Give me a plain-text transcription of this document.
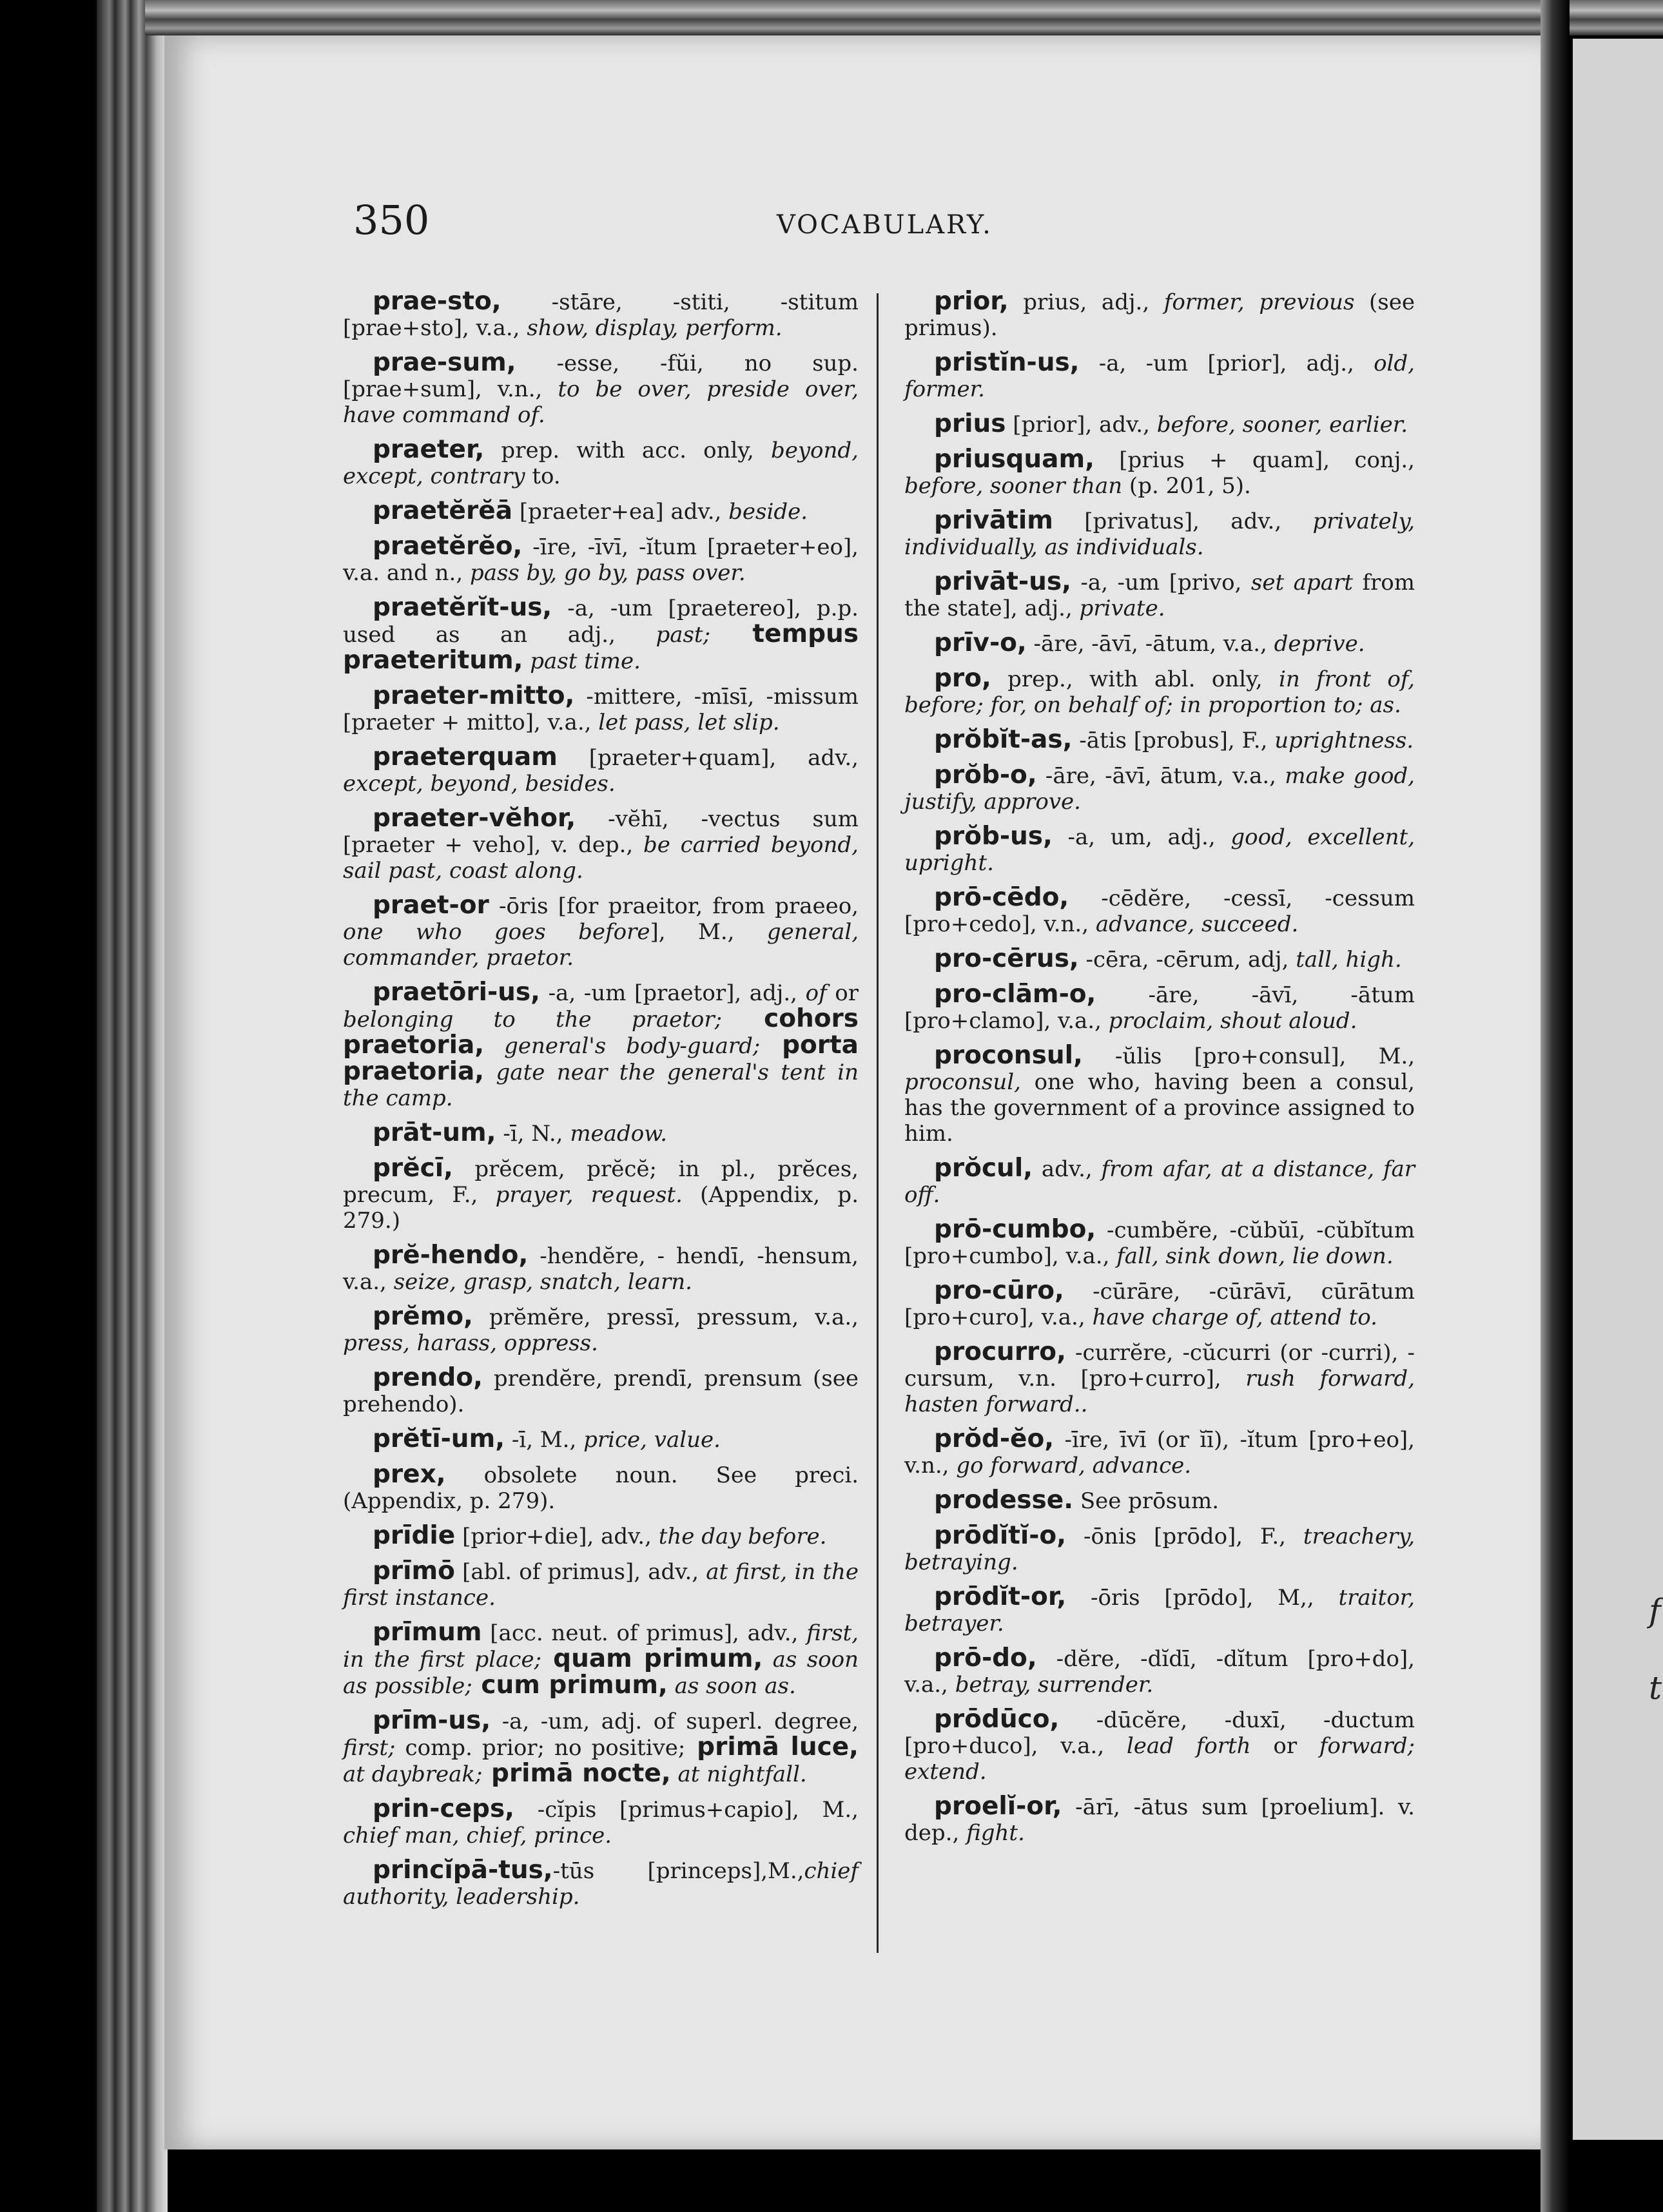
f
t
350	VOCABULARY.
prae-sto, -stāre, -stiti, -stitum [prae+sto], v.a., show, display, perform.
prae-sum, -esse, -fŭi, no sup. [prae+sum], v.n., to be over, preside over, have command of.
praeter, prep. with acc. only, beyond, except, contrary to.
praetĕrĕā [praeter+ea] adv., beside.
praetĕrĕo, -īre, -īvī, -ĭtum [praeter+eo], v.a. and n., pass by, go by, pass over.
praetĕrĭt-us, -a, -um [praetereo], p.p. used as an adj., past; tempus praeteritum, past time.
praeter-mitto, -mittere, -mīsī, -missum [praeter + mitto], v.a., let pass, let slip.
praeterquam [praeter+quam], adv., except, beyond, besides.
praeter-vĕhor, -vĕhī, -vectus sum [praeter + veho], v. dep., be carried beyond, sail past, coast along.
praet-or -ōris [for praeitor, from praeeo, one who goes before], M., general, commander, praetor.
praetōri-us, -a, -um [praetor], adj., of or belonging to the praetor; cohors praetoria, general's body-guard; porta praetoria, gate near the general's tent in the camp.
prāt-um, -ī, N., meadow.
prĕcī, prĕcem, prĕcĕ; in pl., prĕces, precum, F., prayer, request. (Appendix, p. 279.)
prĕ-hendo, -hendĕre, - hendī, -hensum, v.a., seize, grasp, snatch, learn.
prĕmo, prĕmĕre, pressī, pressum, v.a., press, harass, oppress.
prendo, prendĕre, prendī, prensum (see prehendo).
prĕtī-um, -ī, M., price, value.
prex, obsolete noun. See preci. (Appendix, p. 279).
prīdie [prior+die], adv., the day before.
prīmō [abl. of primus], adv., at first, in the first instance.
prīmum [acc. neut. of primus], adv., first, in the first place; quam primum, as soon as possible; cum primum, as soon as.
prīm-us, -a, -um, adj. of superl. degree, first; comp. prior; no positive; primā luce, at daybreak; primā nocte, at nightfall.
prin-ceps, -cĭpis [primus+capio], M., chief man, chief, prince.
princĭpā-tus,-tūs [princeps],M.,chief authority, leadership.
prior, prius, adj., former, previous (see primus).
pristĭn-us, -a, -um [prior], adj., old, former.
prius [prior], adv., before, sooner, earlier.
priusquam, [prius + quam], conj., before, sooner than (p. 201, 5).
privātim [privatus], adv., privately, individually, as individuals.
privāt-us, -a, -um [privo, set apart from the state], adj., private.
prīv-o, -āre, -āvī, -ātum, v.a., deprive.
pro, prep., with abl. only, in front of, before; for, on behalf of; in proportion to; as.
prŏbĭt-as, -ātis [probus], F., uprightness.
prŏb-o, -āre, -āvī, ātum, v.a., make good, justify, approve.
prŏb-us, -a, um, adj., good, excellent, upright.
prō-cēdo, -cēdĕre, -cessī, -cessum [pro+cedo], v.n., advance, succeed.
pro-cērus, -cēra, -cērum, adj, tall, high.
pro-clām-o, -āre, -āvī, -ātum [pro+clamo], v.a., proclaim, shout aloud.
proconsul, -ŭlis [pro+consul], M., proconsul, one who, having been a consul, has the government of a province assigned to him.
prŏcul, adv., from afar, at a distance, far off.
prō-cumbo, -cumbĕre, -cŭbŭī, -cŭbĭtum [pro+cumbo], v.a., fall, sink down, lie down.
pro-cūro, -cūrāre, -cūrāvī, cūrātum [pro+curo], v.a., have charge of, attend to.
procurro, -currĕre, -cŭcurri (or -curri), -cursum, v.n. [pro+curro], rush forward, hasten forward..
prŏd-ĕo, -īre, īvī (or ĭī), -ĭtum [pro+eo], v.n., go forward, advance.
prodesse. See prōsum.
prōdĭtĭ-o, -ōnis [prōdo], F., treachery, betraying.
prōdĭt-or, -ōris [prōdo], M,, traitor, betrayer.
prō-do, -dĕre, -dĭdī, -dĭtum [pro+do], v.a., betray, surrender.
prōdūco, -dūcĕre, -duxī, -ductum [pro+duco], v.a., lead forth or forward; extend.
proelĭ-or, -ārī, -ātus sum [proelium]. v. dep., fight.
